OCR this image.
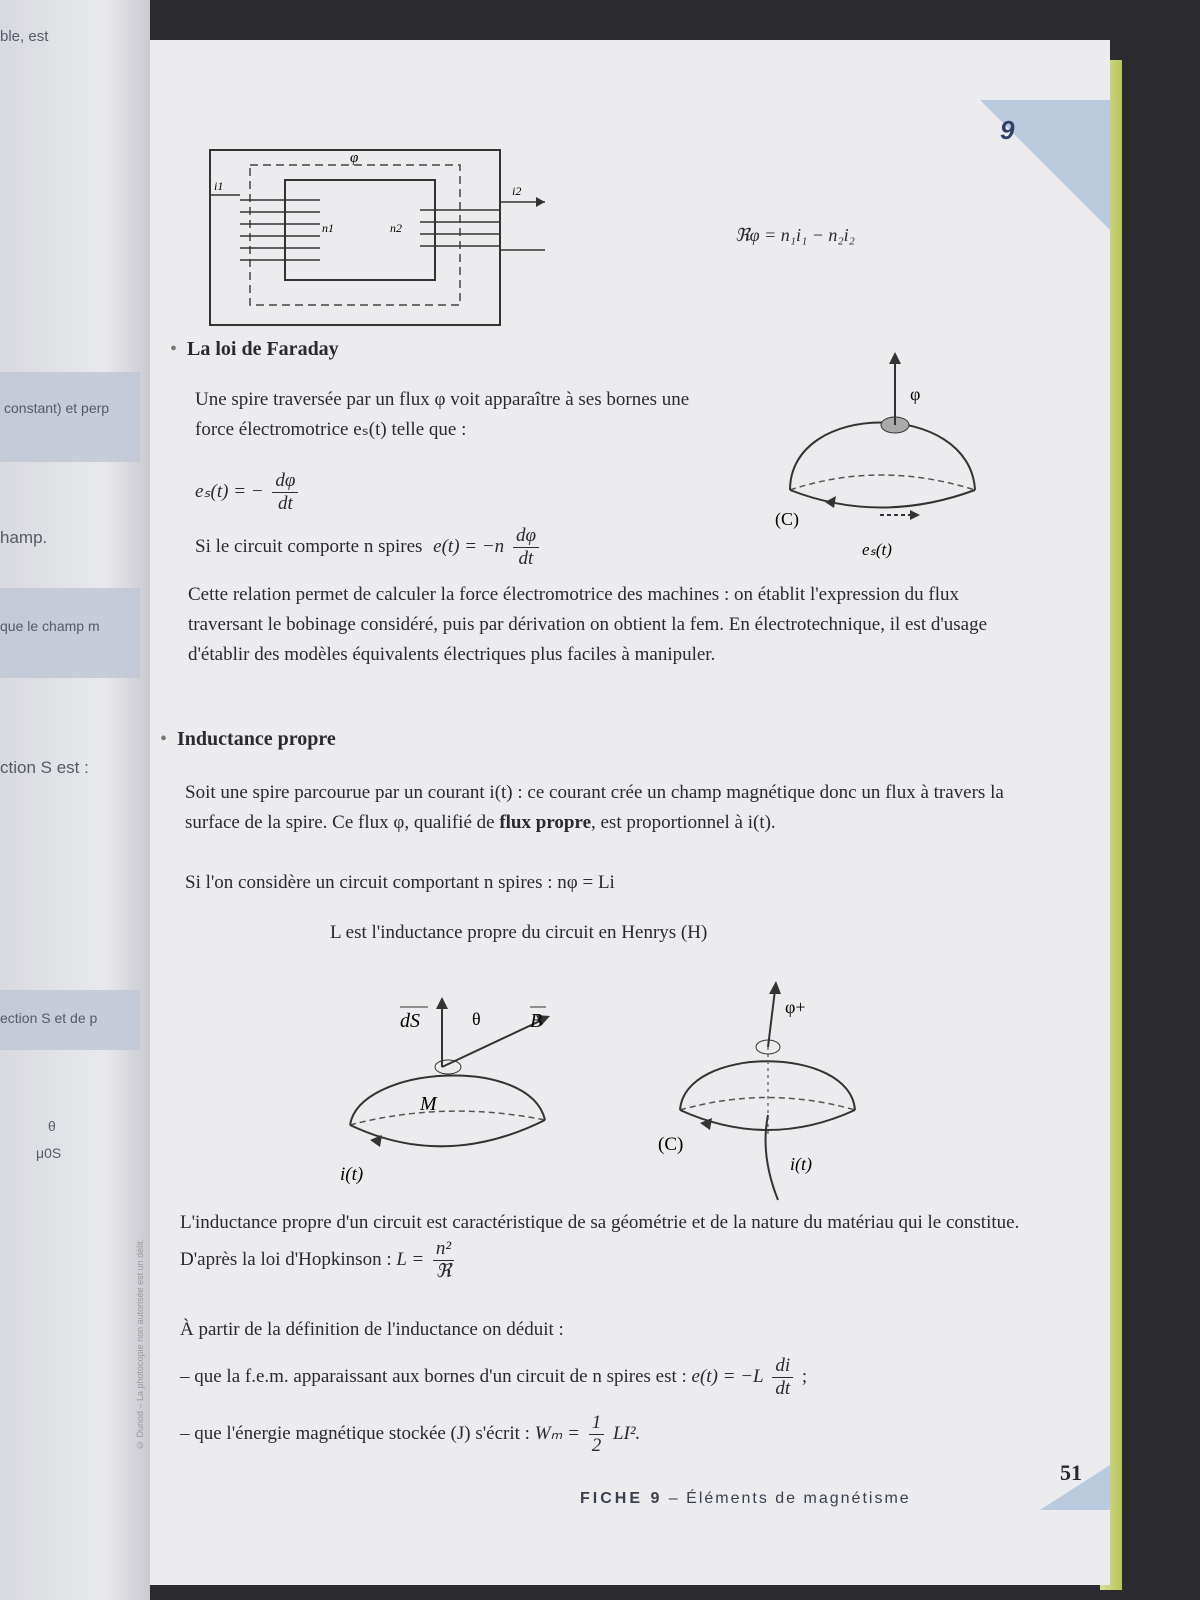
ble, est
constant) et perp
hamp.
que le champ m
ction S est :
ection S et de p
θ
μ0S
9
φ
n1	n2
i1	i2
ℜφ = n₁i₁ − n₂i₂
• La loi de Faraday
Une spire traversée par un flux φ voit apparaître à ses bornes une force électromotrice eₛ(t) telle que :
eₛ(t) = − $\frac{d\varphi}{dt}$
Si le circuit comporte n spires $e(t) = -n \frac{d\varphi}{dt}$
φ
(C)
eₛ(t)
Cette relation permet de calculer la force électromotrice des machines : on établit l'expression du flux traversant le bobinage considéré, puis par dérivation on obtient la fem. En électrotechnique, il est d'usage d'établir des modèles équivalents électriques plus faciles à manipuler.
• Inductance propre
Soit une spire parcourue par un courant i(t) : ce courant crée un champ magnétique donc un flux à travers la surface de la spire. Ce flux φ, qualifié de flux propre, est proportionnel à i(t).
Si l'on considère un circuit comportant n spires : nφ = Li
L est l'inductance propre du circuit en Henrys (H)
dS	θ B
M
i(t)
φ+
(C)
i(t)
L'inductance propre d'un circuit est caractéristique de sa géométrie et de la nature du matériau qui le constitue. D'après la loi d'Hopkinson : $L = \frac{\text{n²}}{\text{ℜ}}$
À partir de la définition de l'inductance on déduit :
– que la f.e.m. apparaissant aux bornes d'un circuit de n spires est : $e(t) = -L \frac{di}{dt}$ ;
– que l'énergie magnétique stockée (J) s'écrit : $W_m = \frac{1}{2} LI^2$.
© Dunod – La photocopie non autorisée est un délit.
FICHE 9 – Éléments de magnétisme
51
